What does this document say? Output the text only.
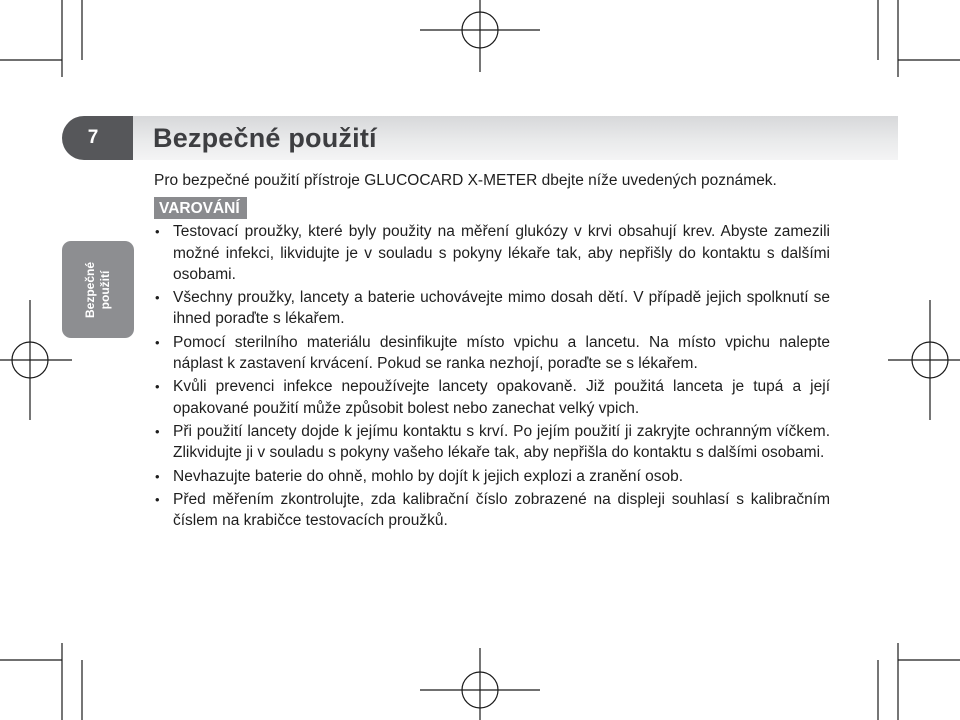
7 Bezpečné použití
Bezpečné použití

Pro bezpečné použití přístroje GLUCOCARD X-METER dbejte níže uvedených poznámek.

VAROVÁNÍ
• Testovací proužky, které byly použity na měření glukózy v krvi obsahují krev. Abyste zamezili možné infekci, likvidujte je v souladu s pokyny lékaře tak, aby nepřišly do kontaktu s dalšími osobami.
• Všechny proužky, lancety a baterie uchovávejte mimo dosah dětí. V případě jejich spolknutí se ihned poraďte s lékařem.
• Pomocí sterilního materiálu desinfikujte místo vpichu a lancetu. Na místo vpichu nalepte náplast k zastavení krvácení. Pokud se ranka nezhojí, poraďte se s lékařem.
• Kvůli prevenci infekce nepoužívejte lancety opakovaně. Již použitá lanceta je tupá a její opakované použití může způsobit bolest nebo zanechat velký vpich.
• Při použití lancety dojde k jejímu kontaktu s krví. Po jejím použití ji zakryjte ochranným víčkem. Zlikvidujte ji v souladu s pokyny vašeho lékaře tak, aby nepřišla do kontaktu s dalšími osobami.
• Nevhazujte baterie do ohně, mohlo by dojít k jejich explozi a zranění osob.
• Před měřením zkontrolujte, zda kalibrační číslo zobrazené na displeji souhlasí s kalibračním číslem na krabičce testovacích proužků.
